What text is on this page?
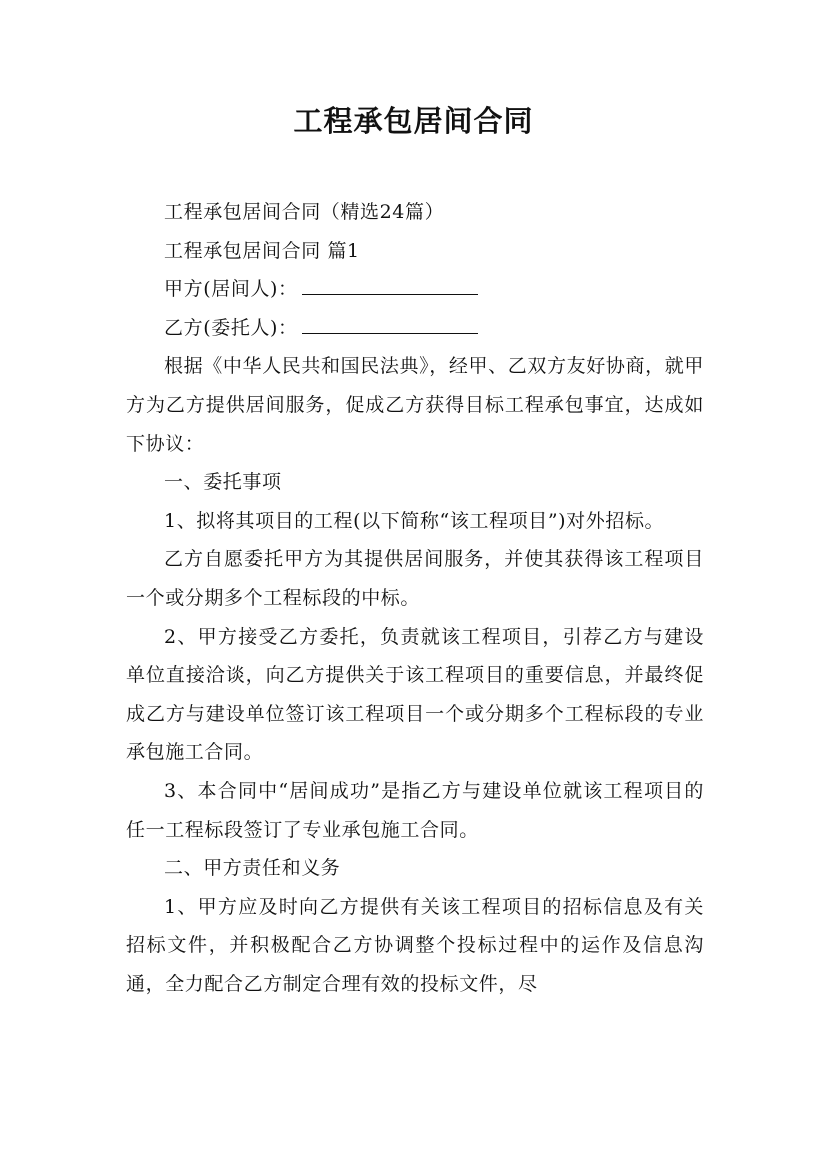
工程承包居间合同

工程承包居间合同（精选24篇）

工程承包居间合同 篇1

甲方(居间人)：

乙方(委托人)：

根据《中华人民共和国民法典》，经甲、乙双方友好协商，就甲方为乙方提供居间服务，促成乙方获得目标工程承包事宜，达成如下协议：

一、委托事项

1、拟将其项目的工程(以下简称“该工程项目”)对外招标。

乙方自愿委托甲方为其提供居间服务，并使其获得该工程项目一个或分期多个工程标段的中标。

2、甲方接受乙方委托，负责就该工程项目，引荐乙方与建设单位直接洽谈，向乙方提供关于该工程项目的重要信息，并最终促成乙方与建设单位签订该工程项目一个或分期多个工程标段的专业承包施工合同。

3、本合同中“居间成功”是指乙方与建设单位就该工程项目的任一工程标段签订了专业承包施工合同。

二、甲方责任和义务

1、甲方应及时向乙方提供有关该工程项目的招标信息及有关招标文件，并积极配合乙方协调整个投标过程中的运作及信息沟通，全力配合乙方制定合理有效的投标文件，尽
